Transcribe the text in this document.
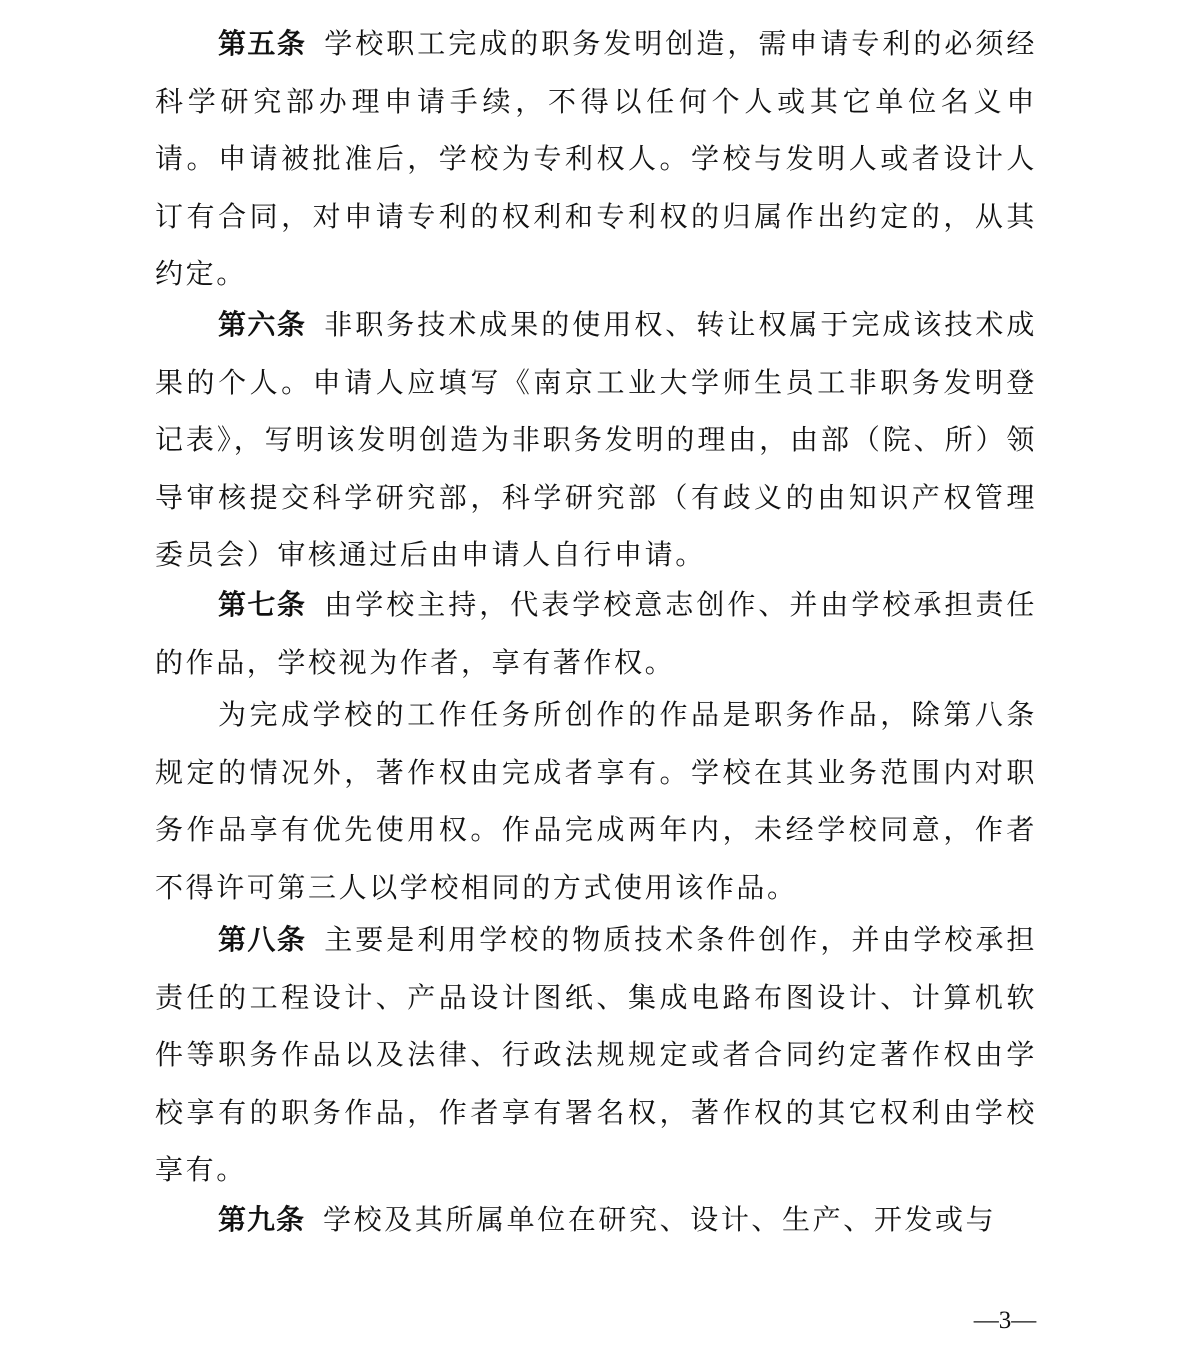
第五条 学校职工完成的职务发明创造，需申请专利的必须经科学研究部办理申请手续，不得以任何个人或其它单位名义申请。申请被批准后，学校为专利权人。学校与发明人或者设计人订有合同，对申请专利的权利和专利权的归属作出约定的，从其约定。

第六条 非职务技术成果的使用权、转让权属于完成该技术成果的个人。申请人应填写《南京工业大学师生员工非职务发明登记表》，写明该发明创造为非职务发明的理由，由部（院、所）领导审核提交科学研究部，科学研究部（有歧义的由知识产权管理委员会）审核通过后由申请人自行申请。

第七条 由学校主持，代表学校意志创作、并由学校承担责任的作品，学校视为作者，享有著作权。

为完成学校的工作任务所创作的作品是职务作品，除第八条规定的情况外，著作权由完成者享有。学校在其业务范围内对职务作品享有优先使用权。作品完成两年内，未经学校同意，作者不得许可第三人以学校相同的方式使用该作品。

第八条 主要是利用学校的物质技术条件创作，并由学校承担责任的工程设计、产品设计图纸、集成电路布图设计、计算机软件等职务作品以及法律、行政法规规定或者合同约定著作权由学校享有的职务作品，作者享有署名权，著作权的其它权利由学校享有。

第九条 学校及其所属单位在研究、设计、生产、开发或与

—3—
